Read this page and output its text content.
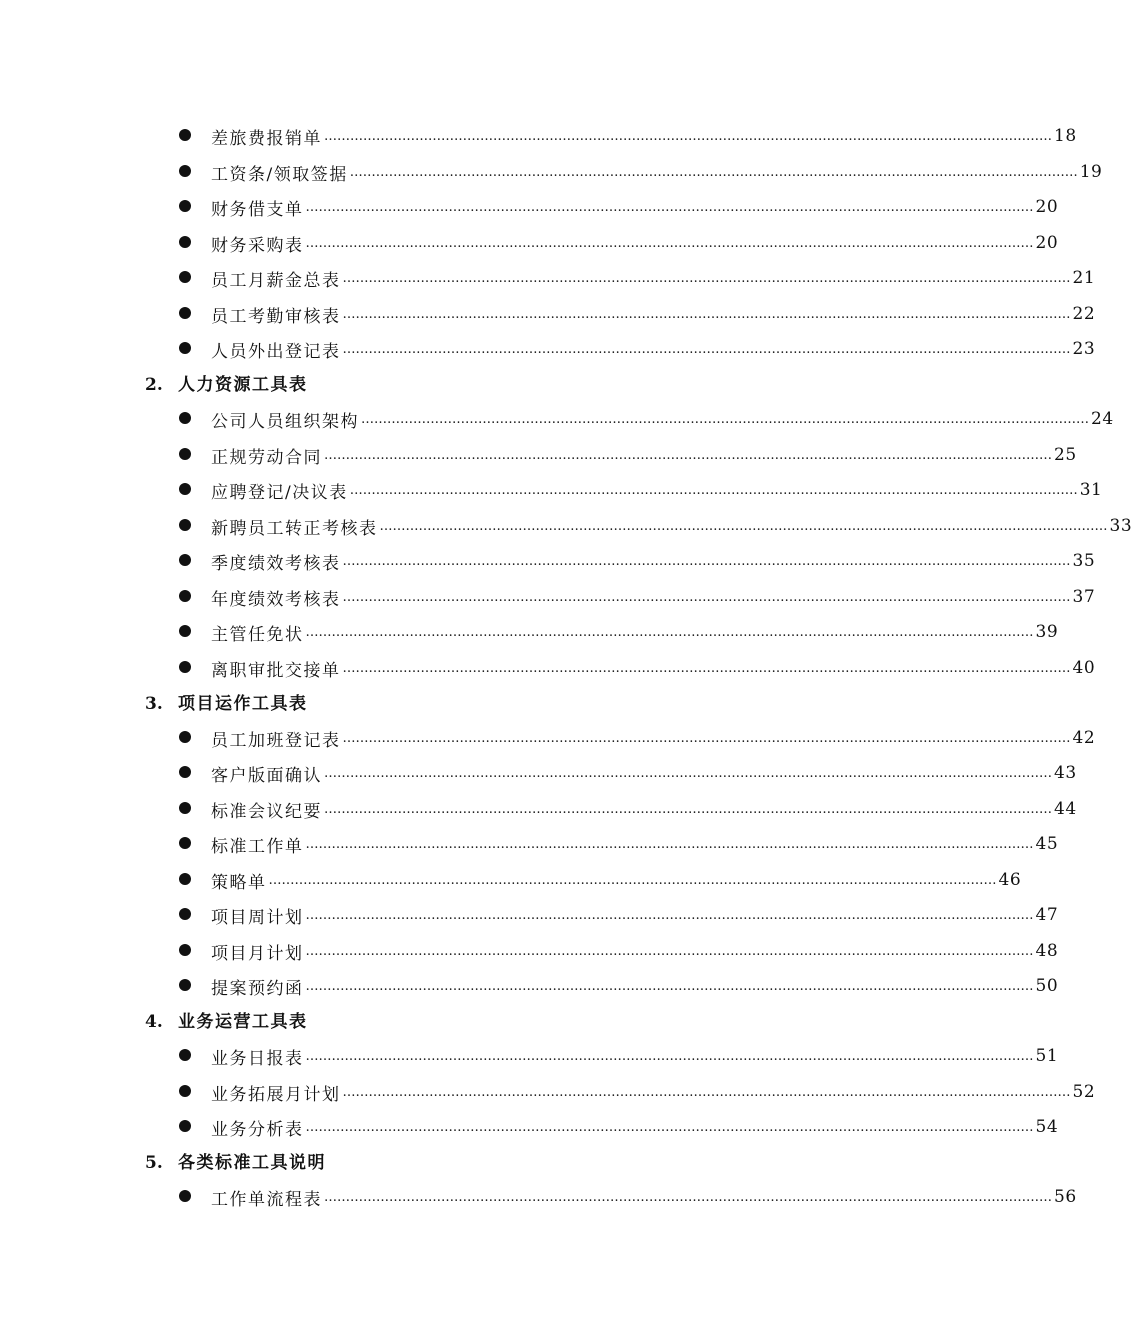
差旅费报销单 …………………………………………………………………………………………………………………………………………………… 18
工资条/领取签据 …………………………………………………………………………………………………………………………………………………… 19
财务借支单 …………………………………………………………………………………………………………………………………………………… 20
财务采购表 …………………………………………………………………………………………………………………………………………………… 20
员工月薪金总表 …………………………………………………………………………………………………………………………………………………… 21
员工考勤审核表 …………………………………………………………………………………………………………………………………………………… 22
人员外出登记表 …………………………………………………………………………………………………………………………………………………… 23
2. 人力资源工具表
公司人员组织架构 …………………………………………………………………………………………………………………………………………………… 24
正规劳动合同 …………………………………………………………………………………………………………………………………………………… 25
应聘登记/决议表 …………………………………………………………………………………………………………………………………………………… 31
新聘员工转正考核表 …………………………………………………………………………………………………………………………………………………… 33
季度绩效考核表 …………………………………………………………………………………………………………………………………………………… 35
年度绩效考核表 …………………………………………………………………………………………………………………………………………………… 37
主管任免状 …………………………………………………………………………………………………………………………………………………… 39
离职审批交接单 …………………………………………………………………………………………………………………………………………………… 40
3. 项目运作工具表
员工加班登记表 …………………………………………………………………………………………………………………………………………………… 42
客户版面确认 …………………………………………………………………………………………………………………………………………………… 43
标准会议纪要 …………………………………………………………………………………………………………………………………………………… 44
标准工作单 …………………………………………………………………………………………………………………………………………………… 45
策略单 …………………………………………………………………………………………………………………………………………………… 46
项目周计划 …………………………………………………………………………………………………………………………………………………… 47
项目月计划 …………………………………………………………………………………………………………………………………………………… 48
提案预约函 …………………………………………………………………………………………………………………………………………………… 50
4. 业务运营工具表
业务日报表 …………………………………………………………………………………………………………………………………………………… 51
业务拓展月计划 …………………………………………………………………………………………………………………………………………………… 52
业务分析表 …………………………………………………………………………………………………………………………………………………… 54
5. 各类标准工具说明
工作单流程表 …………………………………………………………………………………………………………………………………………………… 56
